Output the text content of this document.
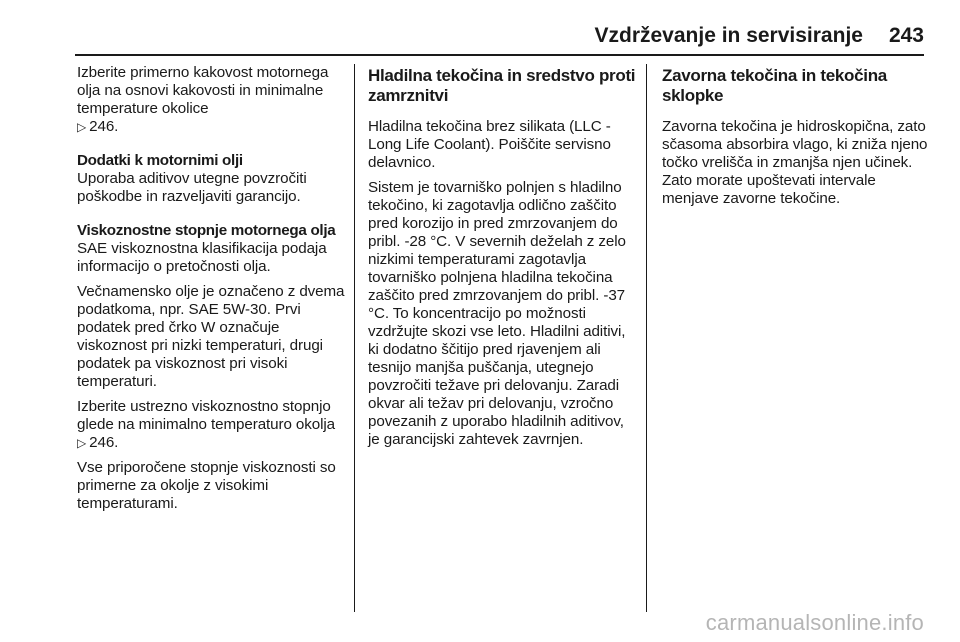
Vzdrževanje in servisiranje 243

Izberite primerno kakovost motornega olja na osnovi kakovosti in minimalne temperature okolice
▷ 246.

Dodatki k motornimi olji

Uporaba aditivov utegne povzročiti poškodbe in razveljaviti garancijo.

Viskoznostne stopnje motornega olja

SAE viskoznostna klasifikacija podaja informacijo o pretočnosti olja.

Večnamensko olje je označeno z dvema podatkoma, npr. SAE 5W-30. Prvi podatek pred črko W označuje viskoznost pri nizki temperaturi, drugi podatek pa viskoznost pri visoki temperaturi.

Izberite ustrezno viskoznostno stopnjo glede na minimalno temperaturo okolja ▷ 246.

Vse priporočene stopnje viskoznosti so primerne za okolje z visokimi temperaturami.

Hladilna tekočina in sredstvo proti zamrznitvi

Hladilna tekočina brez silikata (LLC - Long Life Coolant). Poiščite servisno delavnico.

Sistem je tovarniško polnjen s hladilno tekočino, ki zagotavlja odlično zaščito pred korozijo in pred zmrzovanjem do pribl. -28 °C. V severnih deželah z zelo nizkimi temperaturami zagotavlja tovarniško polnjena hladilna tekočina zaščito pred zmrzovanjem do pribl. -37 °C. To koncentracijo po možnosti vzdržujte skozi vse leto. Hladilni aditivi, ki dodatno ščitijo pred rjavenjem ali tesnijo manjša puščanja, utegnejo povzročiti težave pri delovanju. Zaradi okvar ali težav pri delovanju, vzročno povezanih z uporabo hladilnih aditivov, je garancijski zahtevek zavrnjen.

Zavorna tekočina in tekočina sklopke

Zavorna tekočina je hidroskopična, zato sčasoma absorbira vlago, ki zniža njeno točko vrelišča in zmanjša njen učinek. Zato morate upoštevati intervale menjave zavorne tekočine.

carmanualsonline.info
